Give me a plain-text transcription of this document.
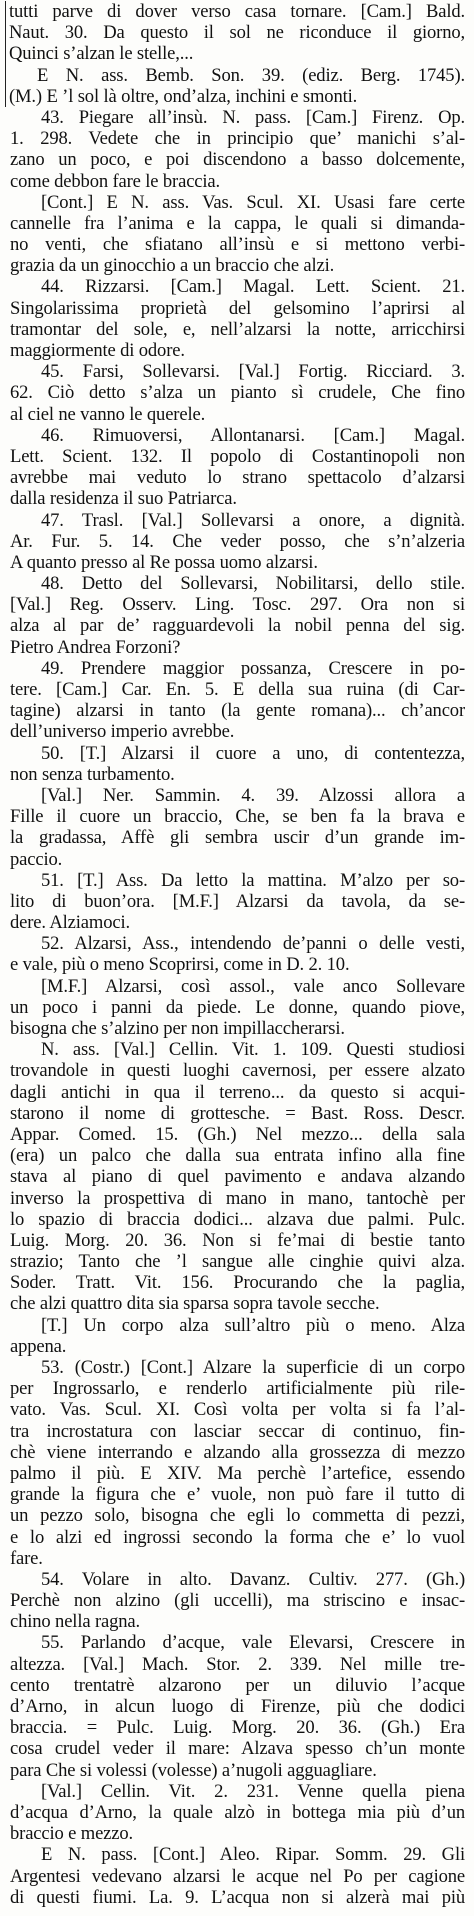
tutti parve di dover verso casa tornare. [Cam.] Bald.
Naut. 30. Da questo il sol ne riconduce il giorno,
Quinci s’alzan le stelle,...
E N. ass. Bemb. Son. 39. (ediz. Berg. 1745).
(M.) E ’l sol là oltre, ond’alza, inchini e smonti.
43. Piegare all’insù. N. pass. [Cam.] Firenz. Op.
1. 298. Vedete che in principio que’ manichi s’al-
zano un poco, e poi discendono a basso dolcemente,
come debbon fare le braccia.
[Cont.] E N. ass. Vas. Scul. XI. Usasi fare certe
cannelle fra l’anima e la cappa, le quali si dimanda-
no venti, che sfiatano all’insù e si mettono verbi-
grazia da un ginocchio a un braccio che alzi.
44. Rizzarsi. [Cam.] Magal. Lett. Scient. 21.
Singolarissima proprietà del gelsomino l’aprirsi al
tramontar del sole, e, nell’alzarsi la notte, arricchirsi
maggiormente di odore.
45. Farsi, Sollevarsi. [Val.] Fortig. Ricciard. 3.
62. Ciò detto s’alza un pianto sì crudele, Che fino
al ciel ne vanno le querele.
46. Rimuoversi, Allontanarsi. [Cam.] Magal.
Lett. Scient. 132. Il popolo di Costantinopoli non
avrebbe mai veduto lo strano spettacolo d’alzarsi
dalla residenza il suo Patriarca.
47. Trasl. [Val.] Sollevarsi a onore, a dignità.
Ar. Fur. 5. 14. Che veder posso, che s’n’alzeria
A quanto presso al Re possa uomo alzarsi.
48. Detto del Sollevarsi, Nobilitarsi, dello stile.
[Val.] Reg. Osserv. Ling. Tosc. 297. Ora non si
alza al par de’ ragguardevoli la nobil penna del sig.
Pietro Andrea Forzoni?
49. Prendere maggior possanza, Crescere in po-
tere. [Cam.] Car. En. 5. E della sua ruina (di Car-
tagine) alzarsi in tanto (la gente romana)... ch’ancor
dell’universo imperio avrebbe.
50. [T.] Alzarsi il cuore a uno, di contentezza,
non senza turbamento.
[Val.] Ner. Sammin. 4. 39. Alzossi allora a
Fille il cuore un braccio, Che, se ben fa la brava e
la gradassa, Affè gli sembra uscir d’un grande im-
paccio.
51. [T.] Ass. Da letto la mattina. M’alzo per so-
lito di buon’ora. [M.F.] Alzarsi da tavola, da se-
dere. Alziamoci.
52. Alzarsi, Ass., intendendo de’panni o delle vesti,
e vale, più o meno Scoprirsi, come in D. 2. 10.
[M.F.] Alzarsi, così assol., vale anco Sollevare
un poco i panni da piede. Le donne, quando piove,
bisogna che s’alzino per non impillaccherarsi.
N. ass. [Val.] Cellin. Vit. 1. 109. Questi studiosi
trovandole in questi luoghi cavernosi, per essere alzato
dagli antichi in qua il terreno... da questo si acqui-
starono il nome di grottesche. = Bast. Ross. Descr.
Appar. Comed. 15. (Gh.) Nel mezzo... della sala
(era) un palco che dalla sua entrata infino alla fine
stava al piano di quel pavimento e andava alzando
inverso la prospettiva di mano in mano, tantochè per
lo spazio di braccia dodici... alzava due palmi. Pulc.
Luig. Morg. 20. 36. Non si fe’mai di bestie tanto
strazio; Tanto che ’l sangue alle cinghie quivi alza.
Soder. Tratt. Vit. 156. Procurando che la paglia,
che alzi quattro dita sia sparsa sopra tavole secche.
[T.] Un corpo alza sull’altro più o meno. Alza
appena.
53. (Costr.) [Cont.] Alzare la superficie di un corpo
per Ingrossarlo, e renderlo artificialmente più rile-
vato. Vas. Scul. XI. Così volta per volta si fa l’al-
tra incrostatura con lasciar seccar di continuo, fin-
chè viene interrando e alzando alla grossezza di mezzo
palmo il più. E XIV. Ma perchè l’artefice, essendo
grande la figura che e’ vuole, non può fare il tutto di
un pezzo solo, bisogna che egli lo commetta di pezzi,
e lo alzi ed ingrossi secondo la forma che e’ lo vuol
fare.
54. Volare in alto. Davanz. Cultiv. 277. (Gh.)
Perchè non alzino (gli uccelli), ma striscino e insac-
chino nella ragna.
55. Parlando d’acque, vale Elevarsi, Crescere in
altezza. [Val.] Mach. Stor. 2. 339. Nel mille tre-
cento trentatrè alzarono per un diluvio l’acque
d’Arno, in alcun luogo di Firenze, più che dodici
braccia. = Pulc. Luig. Morg. 20. 36. (Gh.) Era
cosa crudel veder il mare: Alzava spesso ch’un monte
para Che si volessi (volesse) a’nugoli agguagliare.
[Val.] Cellin. Vit. 2. 231. Venne quella piena
d’acqua d’Arno, la quale alzò in bottega mia più d’un
braccio e mezzo.
E N. pass. [Cont.] Aleo. Ripar. Somm. 29. Gli
Argentesi vedevano alzarsi le acque nel Po per cagione
di questi fiumi. La. 9. L’acqua non si alzerà mai più
